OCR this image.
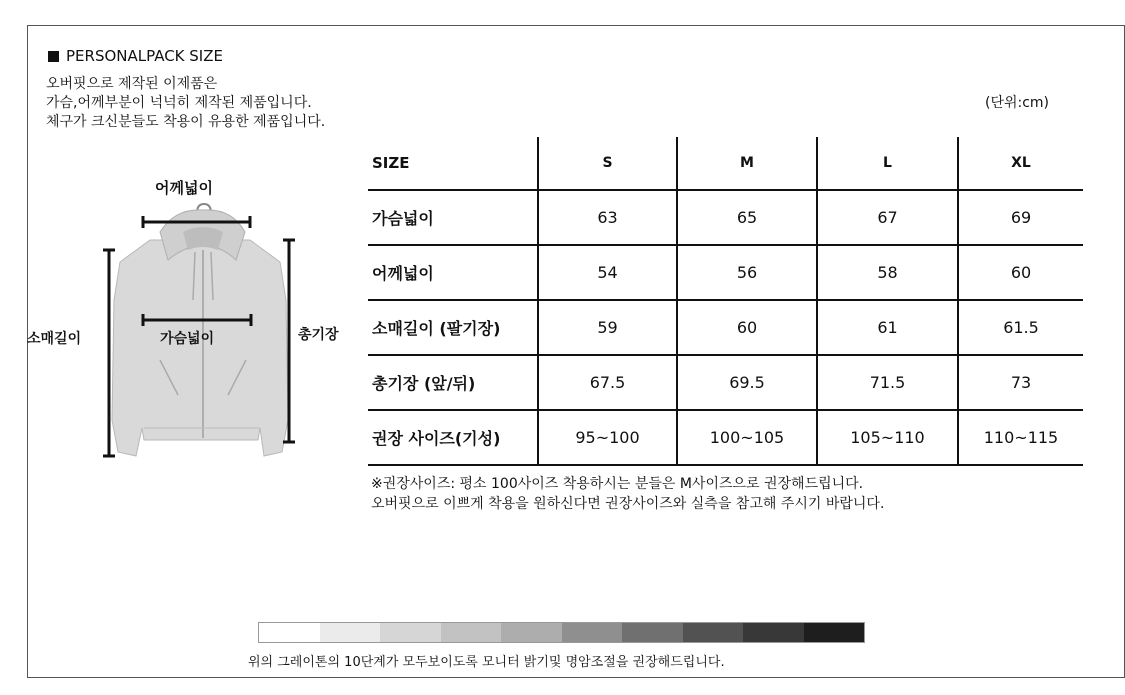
PERSONALPACK SIZE
오버핏으로 제작된 이제품은
가슴,어께부분이 넉넉히 제작된 제품입니다.
체구가 크신분들도 착용이 유용한 제품입니다.
(단위:cm)
어께넓이
가슴넓이
소매길이	총기장
SIZE	S	M	L	XL
가슴넓이	63	65	67	69
어께넓이	54	56	58	60
소매길이 (팔기장)	59	60	61	61.5
총기장 (앞/뒤)	67.5	69.5	71.5	73
권장 사이즈(기성)	95~100	100~105	105~110	110~115
※권장사이즈: 평소 100사이즈 착용하시는 분들은 M사이즈으로 권장해드립니다.
오버핏으로 이쁘게 착용을 원하신다면 권장사이즈와 실측을 참고해 주시기 바랍니다.
위의 그레이톤의 10단계가 모두보이도록 모니터 밝기및 명암조절을 권장해드립니다.
